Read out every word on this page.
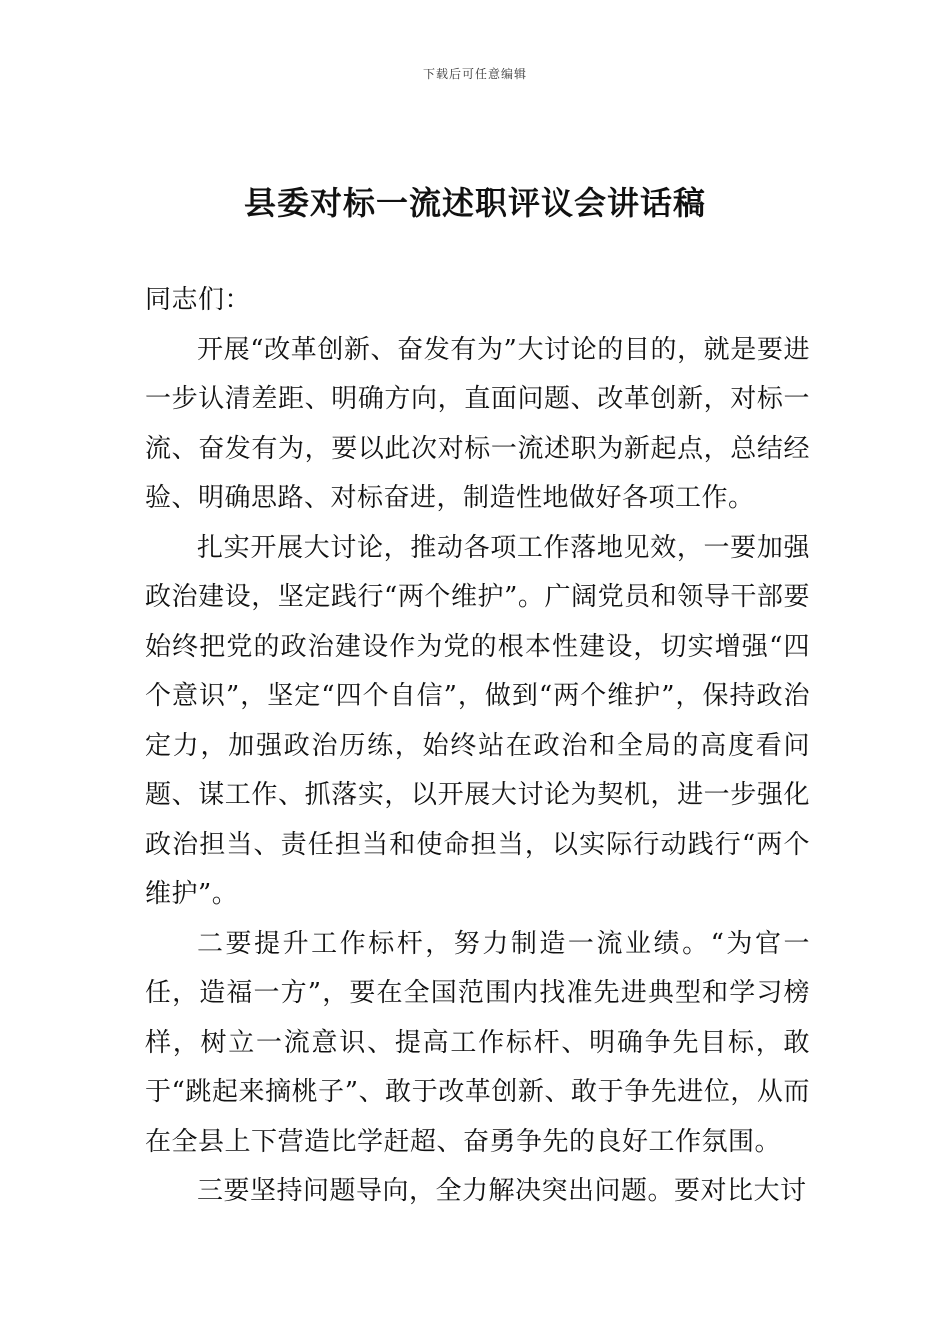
下载后可任意编辑
县委对标一流述职评议会讲话稿

同志们：

开展“改革创新、奋发有为”大讨论的目的，就是要进一步认清差距、明确方向，直面问题、改革创新，对标一流、奋发有为，要以此次对标一流述职为新起点，总结经验、明确思路、对标奋进，制造性地做好各项工作。

扎实开展大讨论，推动各项工作落地见效，一要加强政治建设，坚定践行“两个维护”。广阔党员和领导干部要始终把党的政治建设作为党的根本性建设，切实增强“四个意识”，坚定“四个自信”，做到“两个维护”，保持政治定力，加强政治历练，始终站在政治和全局的高度看问题、谋工作、抓落实，以开展大讨论为契机，进一步强化政治担当、责任担当和使命担当，以实际行动践行“两个维护”。

二要提升工作标杆，努力制造一流业绩。“为官一任，造福一方”，要在全国范围内找准先进典型和学习榜样，树立一流意识、提高工作标杆、明确争先目标，敢于“跳起来摘桃子”、敢于改革创新、敢于争先进位，从而在全县上下营造比学赶超、奋勇争先的良好工作氛围。

三要坚持问题导向，全力解决突出问题。要对比大讨
